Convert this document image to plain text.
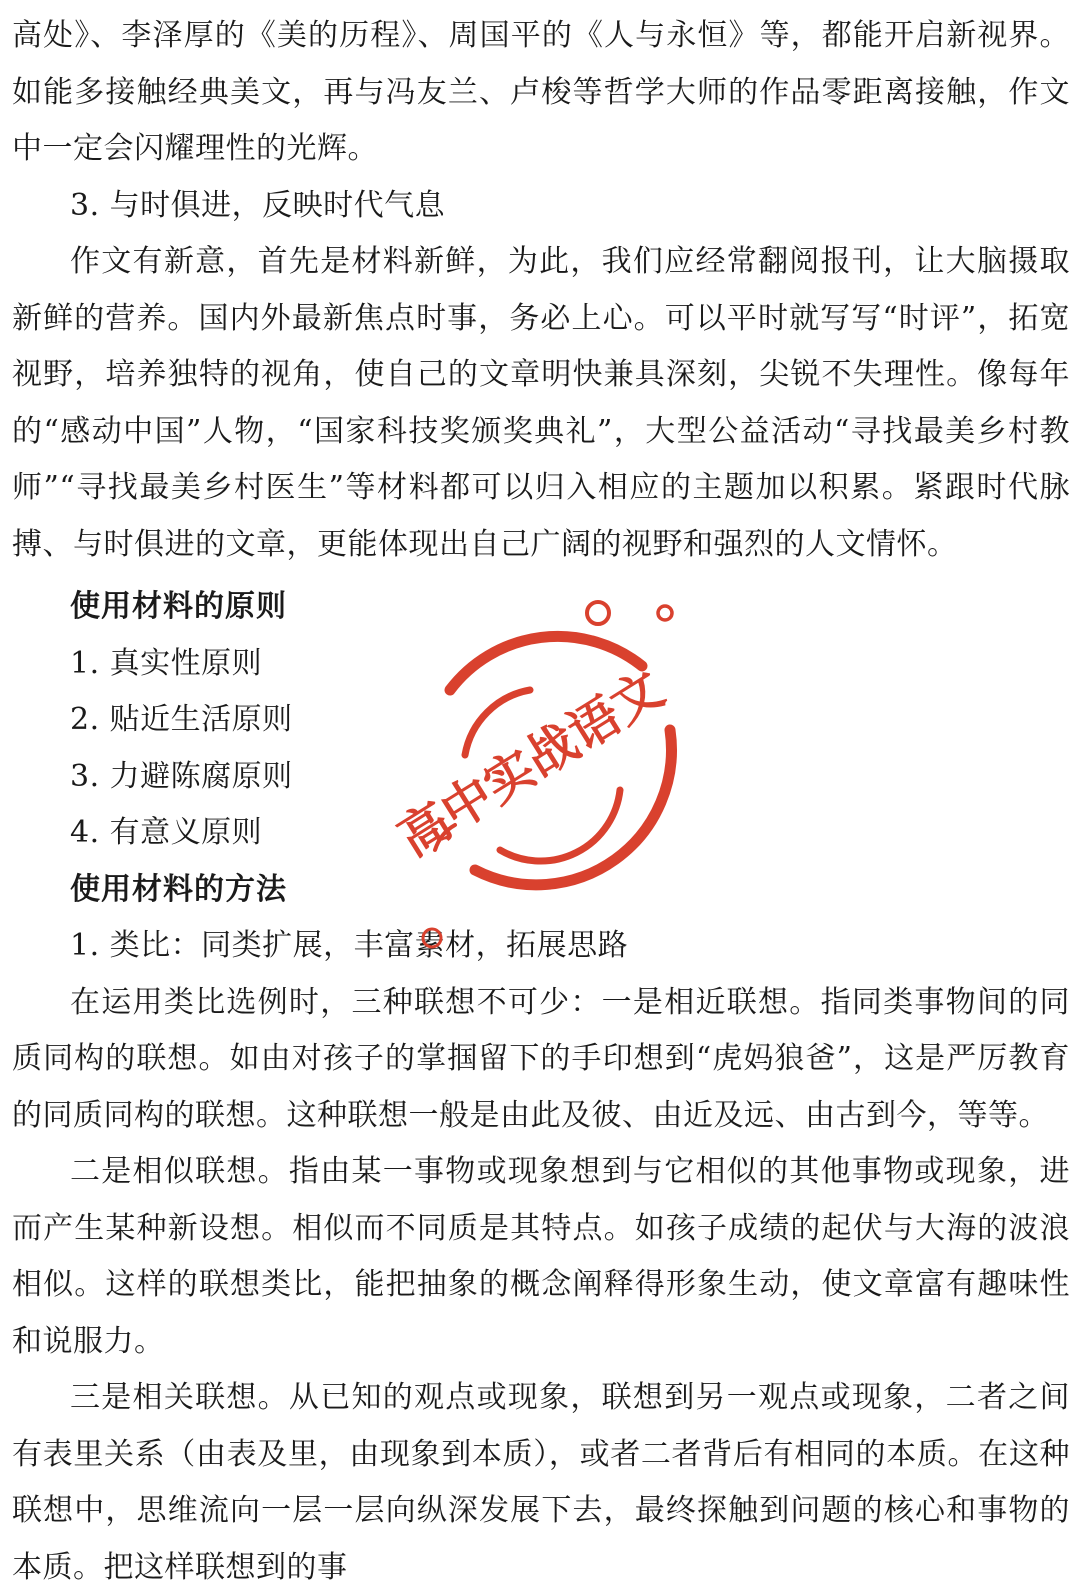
高处》、李泽厚的《美的历程》、周国平的《人与永恒》等，都能开启新视界。如能多接触经典美文，再与冯友兰、卢梭等哲学大师的作品零距离接触，作文中一定会闪耀理性的光辉。

3. 与时俱进，反映时代气息

作文有新意，首先是材料新鲜，为此，我们应经常翻阅报刊，让大脑摄取新鲜的营养。国内外最新焦点时事，务必上心。可以平时就写写“时评”，拓宽视野，培养独特的视角，使自己的文章明快兼具深刻，尖锐不失理性。像每年的“感动中国”人物，“国家科技奖颁奖典礼”，大型公益活动“寻找最美乡村教师”“寻找最美乡村医生”等材料都可以归入相应的主题加以积累。紧跟时代脉搏、与时俱进的文章，更能体现出自己广阔的视野和强烈的人文情怀。

使用材料的原则

1. 真实性原则

2. 贴近生活原则

3. 力避陈腐原则

4. 有意义原则

使用材料的方法

1. 类比：同类扩展，丰富素材，拓展思路

在运用类比选例时，三种联想不可少：一是相近联想。指同类事物间的同质同构的联想。如由对孩子的掌掴留下的手印想到“虎妈狼爸”，这是严厉教育的同质同构的联想。这种联想一般是由此及彼、由近及远、由古到今，等等。

二是相似联想。指由某一事物或现象想到与它相似的其他事物或现象，进而产生某种新设想。相似而不同质是其特点。如孩子成绩的起伏与大海的波浪相似。这样的联想类比，能把抽象的概念阐释得形象生动，使文章富有趣味性和说服力。

三是相关联想。从已知的观点或现象，联想到另一观点或现象，二者之间有表里关系（由表及里，由现象到本质），或者二者背后有相同的本质。在这种联想中，思维流向一层一层向纵深发展下去，最终探触到问题的核心和事物的本质。把这样联想到的事

高中实战语文
